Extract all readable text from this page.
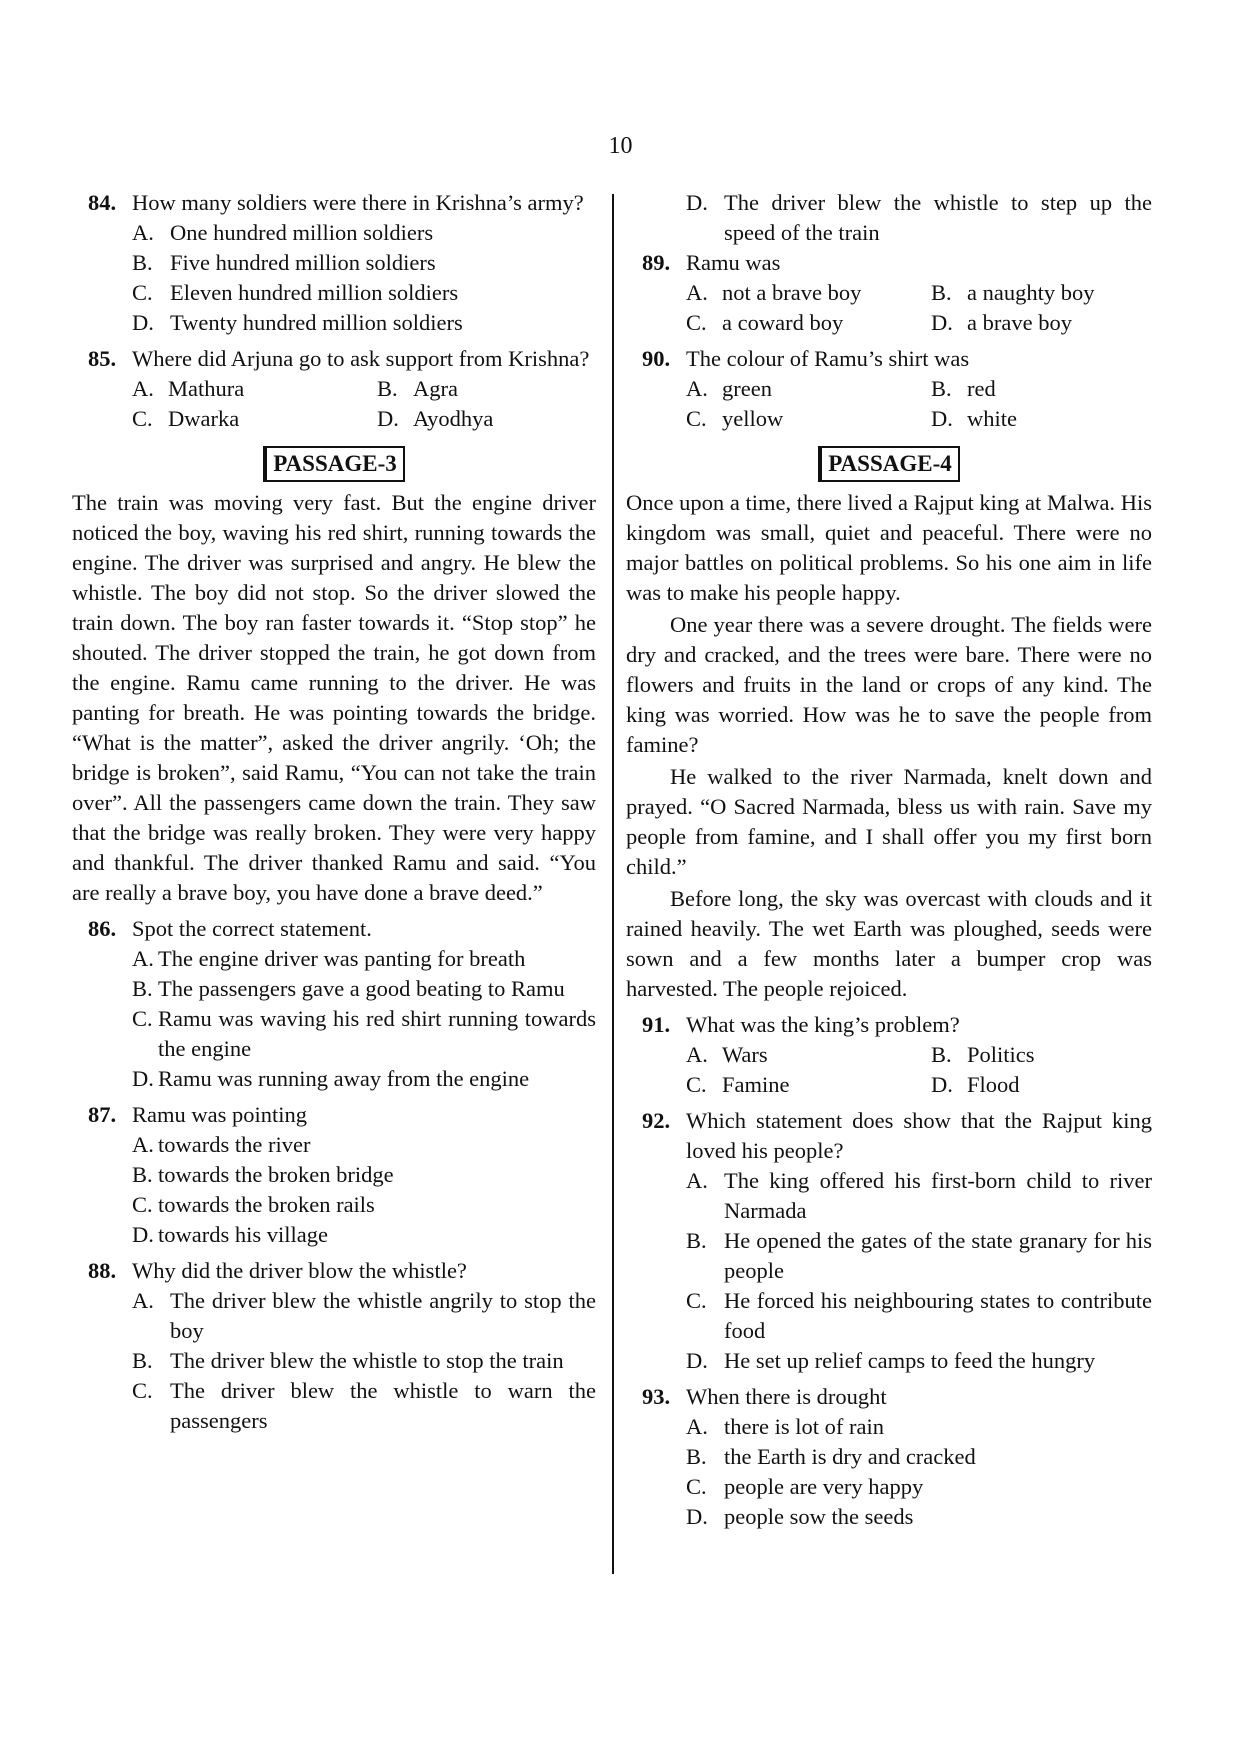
10
84. How many soldiers were there in Krishna’s army?
A. One hundred million soldiers
B. Five hundred million soldiers
C. Eleven hundred million soldiers
D. Twenty hundred million soldiers
85. Where did Arjuna go to ask support from Krishna?
A. Mathura	B. Agra
C. Dwarka	D. Ayodhya
PASSAGE-3

The train was moving very fast. But the engine driver noticed the boy, waving his red shirt, running towards the engine. The driver was surprised and angry. He blew the whistle. The boy did not stop. So the driver slowed the train down. The boy ran faster towards it. “Stop stop” he shouted. The driver stopped the train, he got down from the engine. Ramu came running to the driver. He was panting for breath. He was pointing towards the bridge. “What is the matter”, asked the driver angrily. ‘Oh; the bridge is broken”, said Ramu, “You can not take the train over”. All the passengers came down the train. They saw that the bridge was really broken. They were very happy and thankful. The driver thanked Ramu and said. “You are really a brave boy, you have done a brave deed.”

86. Spot the correct statement.
A. The engine driver was panting for breath
B. The passengers gave a good beating to Ramu
C. Ramu was waving his red shirt running towards the engine
D. Ramu was running away from the engine
87. Ramu was pointing
A. towards the river
B. towards the broken bridge
C. towards the broken rails
D. towards his village
88. Why did the driver blow the whistle?
A. The driver blew the whistle angrily to stop the boy
B. The driver blew the whistle to stop the train
C. The driver blew the whistle to warn the passengers
D. The driver blew the whistle to step up the speed of the train
89. Ramu was
A. not a brave boy	B. a naughty boy
C. a coward boy	D. a brave boy
90. The colour of Ramu’s shirt was
A. green	B. red
C. yellow	D. white
PASSAGE-4

Once upon a time, there lived a Rajput king at Malwa. His kingdom was small, quiet and peaceful. There were no major battles on political problems. So his one aim in life was to make his people happy.

One year there was a severe drought. The fields were dry and cracked, and the trees were bare. There were no flowers and fruits in the land or crops of any kind. The king was worried. How was he to save the people from famine?

He walked to the river Narmada, knelt down and prayed. “O Sacred Narmada, bless us with rain. Save my people from famine, and I shall offer you my first born child.”

Before long, the sky was overcast with clouds and it rained heavily. The wet Earth was ploughed, seeds were sown and a few months later a bumper crop was harvested. The people rejoiced.

91. What was the king’s problem?
A. Wars	B. Politics
C. Famine	D. Flood
92. Which statement does show that the Rajput king loved his people?
A. The king offered his first-born child to river Narmada
B. He opened the gates of the state granary for his people
C. He forced his neighbouring states to contribute food
D. He set up relief camps to feed the hungry
93. When there is drought
A. there is lot of rain
B. the Earth is dry and cracked
C. people are very happy
D. people sow the seeds
